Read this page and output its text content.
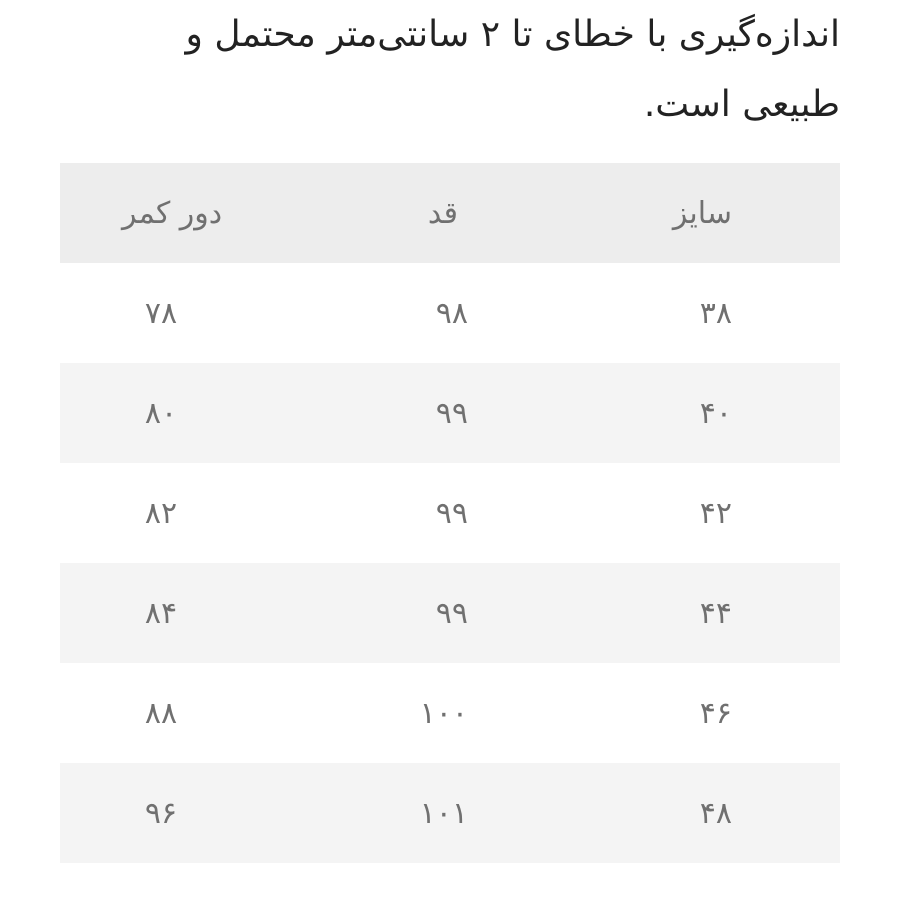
اندازه‌گیری با خطای تا ۲ سانتی‌متر محتمل و
طبیعی است.

سایز	قد	دور کمر
۳۸	۹۸	۷۸
۴۰	۹۹	۸۰
۴۲	۹۹	۸۲
۴۴	۹۹	۸۴
۴۶	۱۰۰	۸۸
۴۸	۱۰۱	۹۶
